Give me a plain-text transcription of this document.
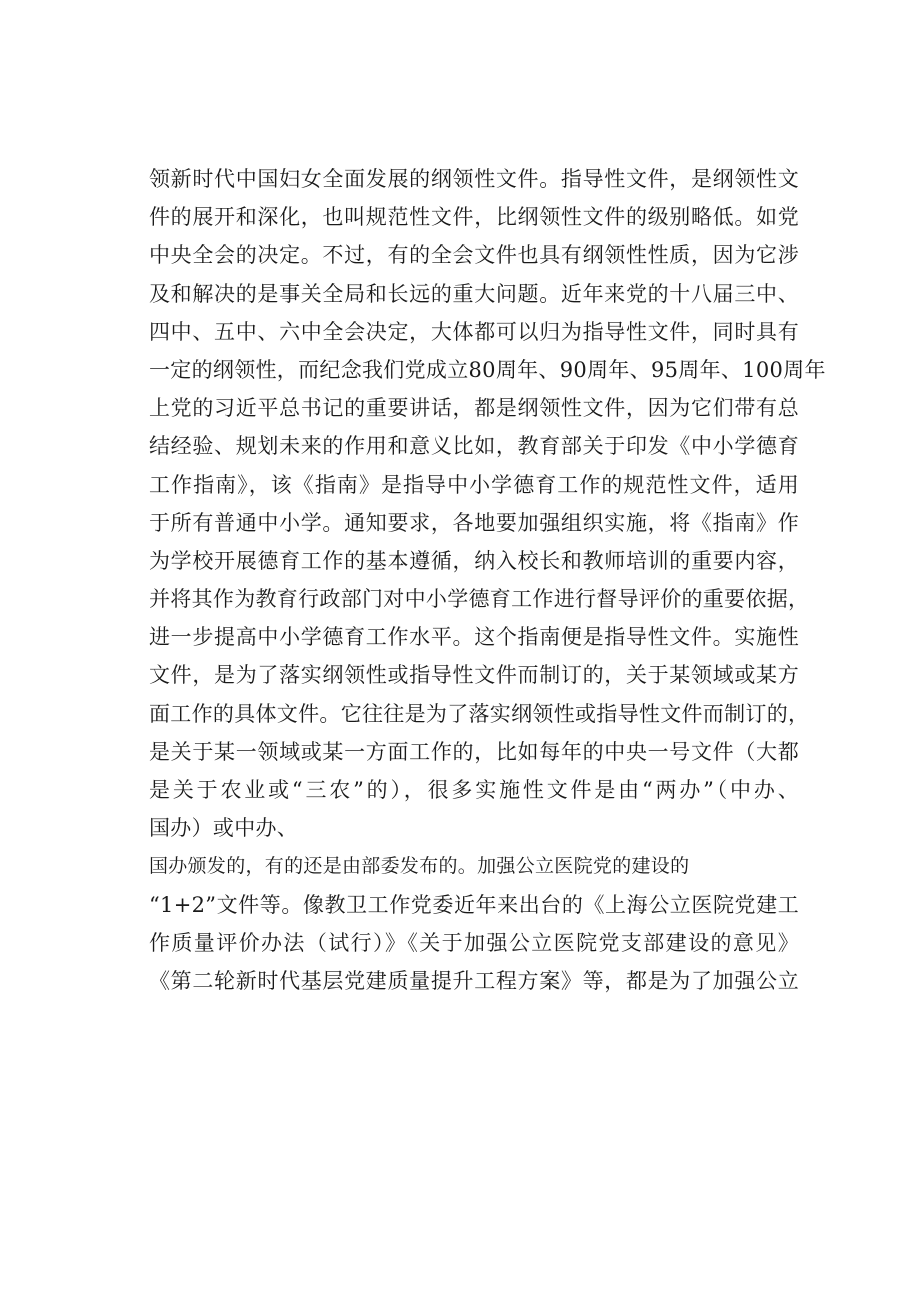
领新时代中国妇女全面发展的纲领性文件。指导性文件，是纲领性文
件的展开和深化，也叫规范性文件，比纲领性文件的级别略低。如党
中央全会的决定。不过，有的全会文件也具有纲领性性质，因为它涉
及和解决的是事关全局和长远的重大问题。近年来党的十八届三中、
四中、五中、六中全会决定，大体都可以归为指导性文件，同时具有
一定的纲领性，而纪念我们党成立80周年、90周年、95周年、100周年
上党的习近平总书记的重要讲话，都是纲领性文件，因为它们带有总
结经验、规划未来的作用和意义比如，教育部关于印发《中小学德育
工作指南》，该《指南》是指导中小学德育工作的规范性文件，适用
于所有普通中小学。通知要求，各地要加强组织实施，将《指南》作
为学校开展德育工作的基本遵循，纳入校长和教师培训的重要内容，
并将其作为教育行政部门对中小学德育工作进行督导评价的重要依据，
进一步提高中小学德育工作水平。这个指南便是指导性文件。实施性
文件，是为了落实纲领性或指导性文件而制订的，关于某领域或某方
面工作的具体文件。它往往是为了落实纲领性或指导性文件而制订的，
是关于某一领域或某一方面工作的，比如每年的中央一号文件（大都
是关于农业或“三农”的），很多实施性文件是由“两办”（中办、
国办）或中办、
国办颁发的，有的还是由部委发布的。加强公立医院党的建设的
“1+2”文件等。像教卫工作党委近年来出台的《上海公立医院党建工
作质量评价办法（试行）》《关于加强公立医院党支部建设的意见》
《第二轮新时代基层党建质量提升工程方案》等，都是为了加强公立
